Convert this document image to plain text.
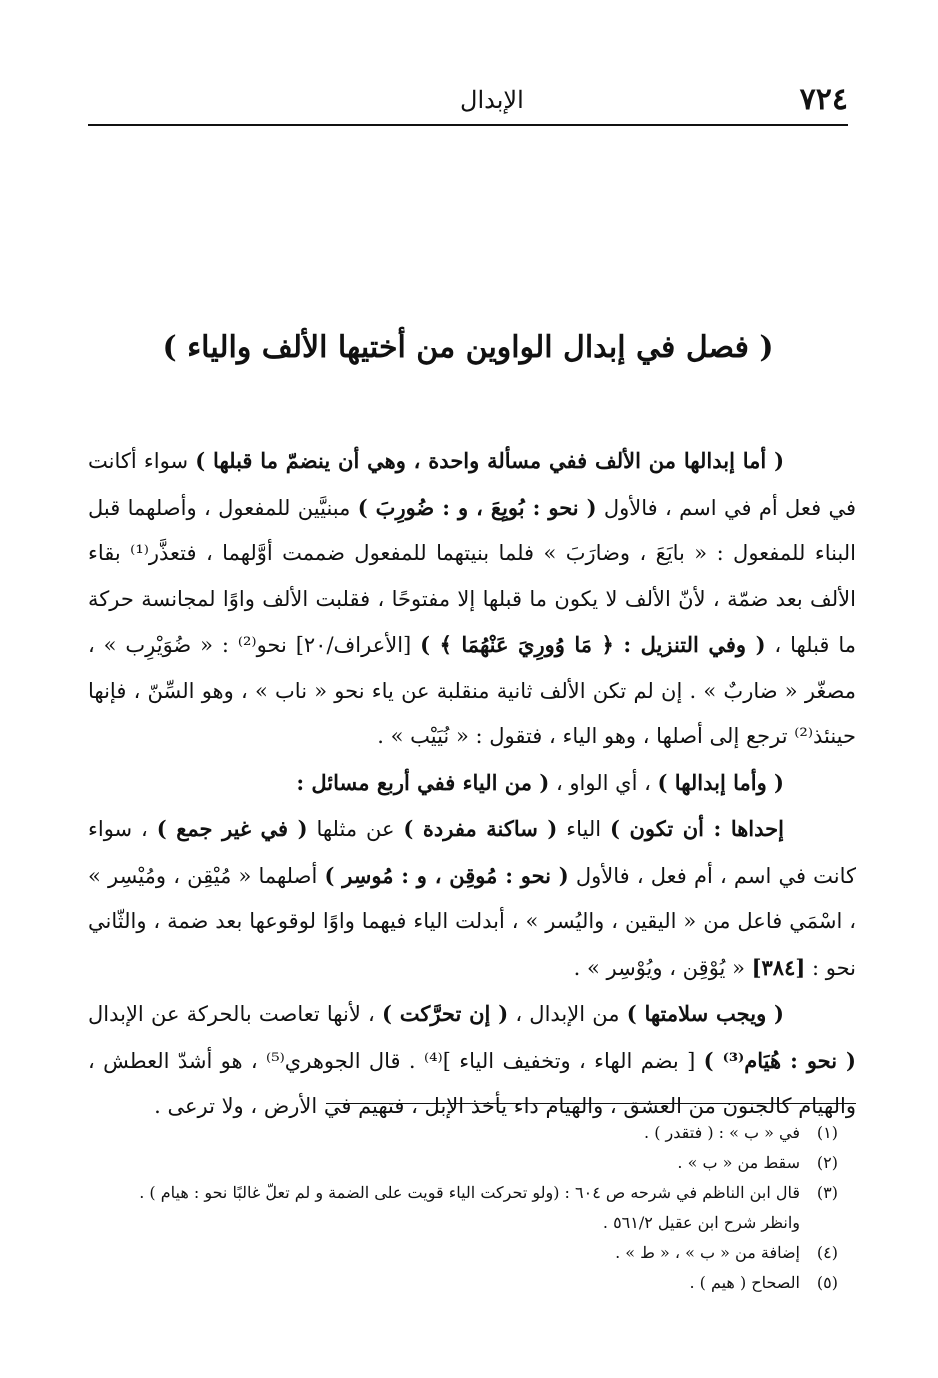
٧٢٤
الإبدال
( فصل في إبدال الواوين من أختيها الألف والياء )

( أما إبدالها من الألف ففي مسألة واحدة ، وهي أن ينضمّ ما قبلها ) سواء أكانت في فعل أم في اسم ، فالأول ( نحو : بُويِعَ ، و : ضُورِبَ ) مبنيَّين للمفعول ، وأصلهما قبل البناء للمفعول : « بايَعَ ، وضارَبَ » فلما بنيتهما للمفعول ضممت أوَّلهما ، فتعذَّر⁽¹⁾ بقاء الألف بعد ضمّة ، لأنّ الألف لا يكون ما قبلها إلا مفتوحًا ، فقلبت الألف واوًا لمجانسة حركة ما قبلها ، ( وفي التنزيل : ﴿ مَا وُورِيَ عَنْهُمَا ﴾ ) [الأعراف/٢٠] نحو⁽²⁾ : « ضُوَيْرِب » ، مصغّر « ضاربٌ » . إن لم تكن الألف ثانية منقلبة عن ياء نحو « ناب » ، وهو السِّنّ ، فإنها حينئذ⁽²⁾ ترجع إلى أصلها ، وهو الياء ، فتقول : « نُيَيْب » .

( وأما إبدالها ) ، أي الواو ، ( من الياء ففي أربع مسائل :

إحداها : أن تكون ) الياء ( ساكنة مفردة ) عن مثلها ( في غير جمع ) ، سواء كانت في اسم ، أم فعل ، فالأول ( نحو : مُوقِن ، و : مُوسِر ) أصلهما « مُيْقِن ، ومُيْسِر » ، اسْمَي فاعل من « اليقين ، واليُسر » ، أبدلت الياء فيهما واوًا لوقوعها بعد ضمة ، والثّاني نحو : [٣٨٤] « يُوْقِن ، ويُوْسِر » .

( ويجب سلامتها ) من الإبدال ، ( إن تحرَّكت ) ، لأنها تعاصت بالحركة عن الإبدال ( نحو : هُيَام⁽³⁾ ) [ بضم الهاء ، وتخفيف الياء ]⁽⁴⁾ . قال الجوهري⁽⁵⁾ ، هو أشدّ العطش ، والهيام كالجنون من العشق ، والهيام داء يأخذ الإبل ، فتهيم في الأرض ، ولا ترعى .

(١)
في « ب » : ( فتقدر ) .
(٢)
سقط من « ب » .
(٣)
قال ابن الناظم في شرحه ص ٦٠٤ : (ولو تحركت الياء قويت على الضمة و لم تعلّ غالبًا نحو : هيام ) .
وانظر شرح ابن عقيل ٥٦١/٢ .
(٤)
إضافة من « ب » ، « ط » .
(٥)
الصحاح ( هيم ) .
